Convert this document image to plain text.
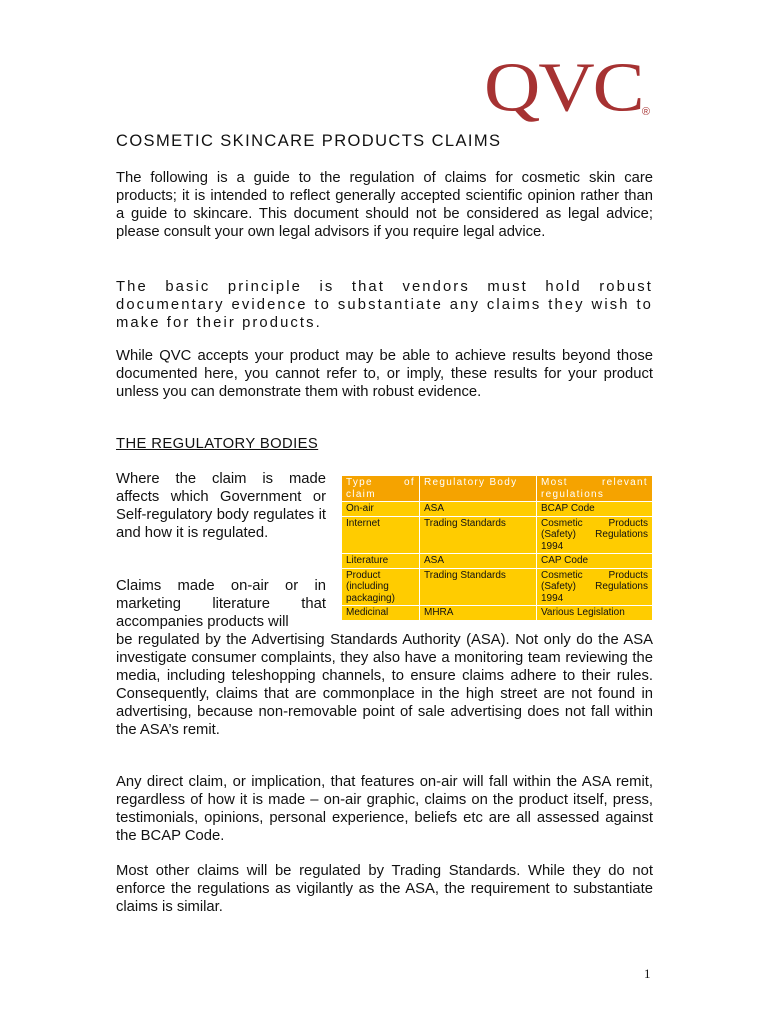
QVC ®
COSMETIC SKINCARE PRODUCTS CLAIMS

The following is a guide to the regulation of claims for cosmetic skin care products; it is intended to reflect generally accepted scientific opinion rather than a guide to skincare. This document should not be considered as legal advice; please consult your own legal advisors if you require legal advice.

The basic principle is that vendors must hold robust documentary evidence to substantiate any claims they wish to make for their products.

While QVC accepts your product may be able to achieve results beyond those documented here, you cannot refer to, or imply, these results for your product unless you can demonstrate them with robust evidence.

THE REGULATORY BODIES

Where the claim is made affects which Government or Self-regulatory body regulates it and how it is regulated.

Claims made on-air or in marketing literature that accompanies products will

Type of claim	Regulatory Body	Most relevant regulations
On-air	ASA	BCAP Code
Internet	Trading Standards	Cosmetic Products (Safety) Regulations 1994
Literature	ASA	CAP Code
Product (including packaging)	Trading Standards	Cosmetic Products (Safety) Regulations 1994
Medicinal	MHRA	Various Legislation

be regulated by the Advertising Standards Authority (ASA). Not only do the ASA investigate consumer complaints, they also have a monitoring team reviewing the media, including teleshopping channels, to ensure claims adhere to their rules. Consequently, claims that are commonplace in the high street are not found in advertising, because non-removable point of sale advertising does not fall within the ASA’s remit.

Any direct claim, or implication, that features on-air will fall within the ASA remit, regardless of how it is made – on-air graphic, claims on the product itself, press, testimonials, opinions, personal experience, beliefs etc are all assessed against the BCAP Code.

Most other claims will be regulated by Trading Standards. While they do not enforce the regulations as vigilantly as the ASA, the requirement to substantiate claims is similar.

1
